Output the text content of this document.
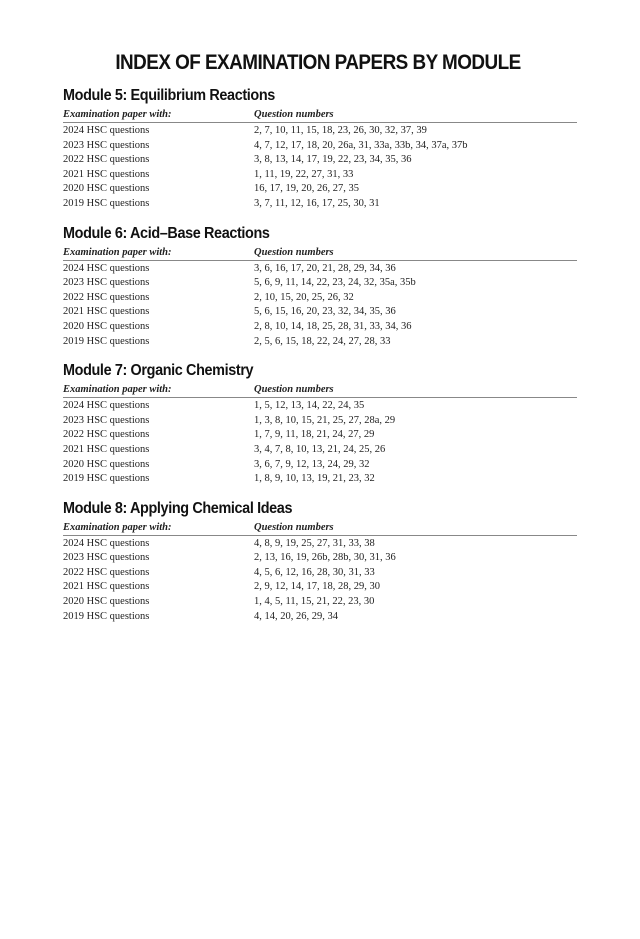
INDEX OF EXAMINATION PAPERS BY MODULE
Module 5: Equilibrium Reactions
Examination paper with:	Question numbers
2024 HSC questions	2, 7, 10, 11, 15, 18, 23, 26, 30, 32, 37, 39
2023 HSC questions	4, 7, 12, 17, 18, 20, 26a, 31, 33a, 33b, 34, 37a, 37b
2022 HSC questions	3, 8, 13, 14, 17, 19, 22, 23, 34, 35, 36
2021 HSC questions	1, 11, 19, 22, 27, 31, 33
2020 HSC questions	16, 17, 19, 20, 26, 27, 35
2019 HSC questions	3, 7, 11, 12, 16, 17, 25, 30, 31
Module 6: Acid–Base Reactions
Examination paper with:	Question numbers
2024 HSC questions	3, 6, 16, 17, 20, 21, 28, 29, 34, 36
2023 HSC questions	5, 6, 9, 11, 14, 22, 23, 24, 32, 35a, 35b
2022 HSC questions	2, 10, 15, 20, 25, 26, 32
2021 HSC questions	5, 6, 15, 16, 20, 23, 32, 34, 35, 36
2020 HSC questions	2, 8, 10, 14, 18, 25, 28, 31, 33, 34, 36
2019 HSC questions	2, 5, 6, 15, 18, 22, 24, 27, 28, 33
Module 7: Organic Chemistry
Examination paper with:	Question numbers
2024 HSC questions	1, 5, 12, 13, 14, 22, 24, 35
2023 HSC questions	1, 3, 8, 10, 15, 21, 25, 27, 28a, 29
2022 HSC questions	1, 7, 9, 11, 18, 21, 24, 27, 29
2021 HSC questions	3, 4, 7, 8, 10, 13, 21, 24, 25, 26
2020 HSC questions	3, 6, 7, 9, 12, 13, 24, 29, 32
2019 HSC questions	1, 8, 9, 10, 13, 19, 21, 23, 32
Module 8: Applying Chemical Ideas
Examination paper with:	Question numbers
2024 HSC questions	4, 8, 9, 19, 25, 27, 31, 33, 38
2023 HSC questions	2, 13, 16, 19, 26b, 28b, 30, 31, 36
2022 HSC questions	4, 5, 6, 12, 16, 28, 30, 31, 33
2021 HSC questions	2, 9, 12, 14, 17, 18, 28, 29, 30
2020 HSC questions	1, 4, 5, 11, 15, 21, 22, 23, 30
2019 HSC questions	4, 14, 20, 26, 29, 34
